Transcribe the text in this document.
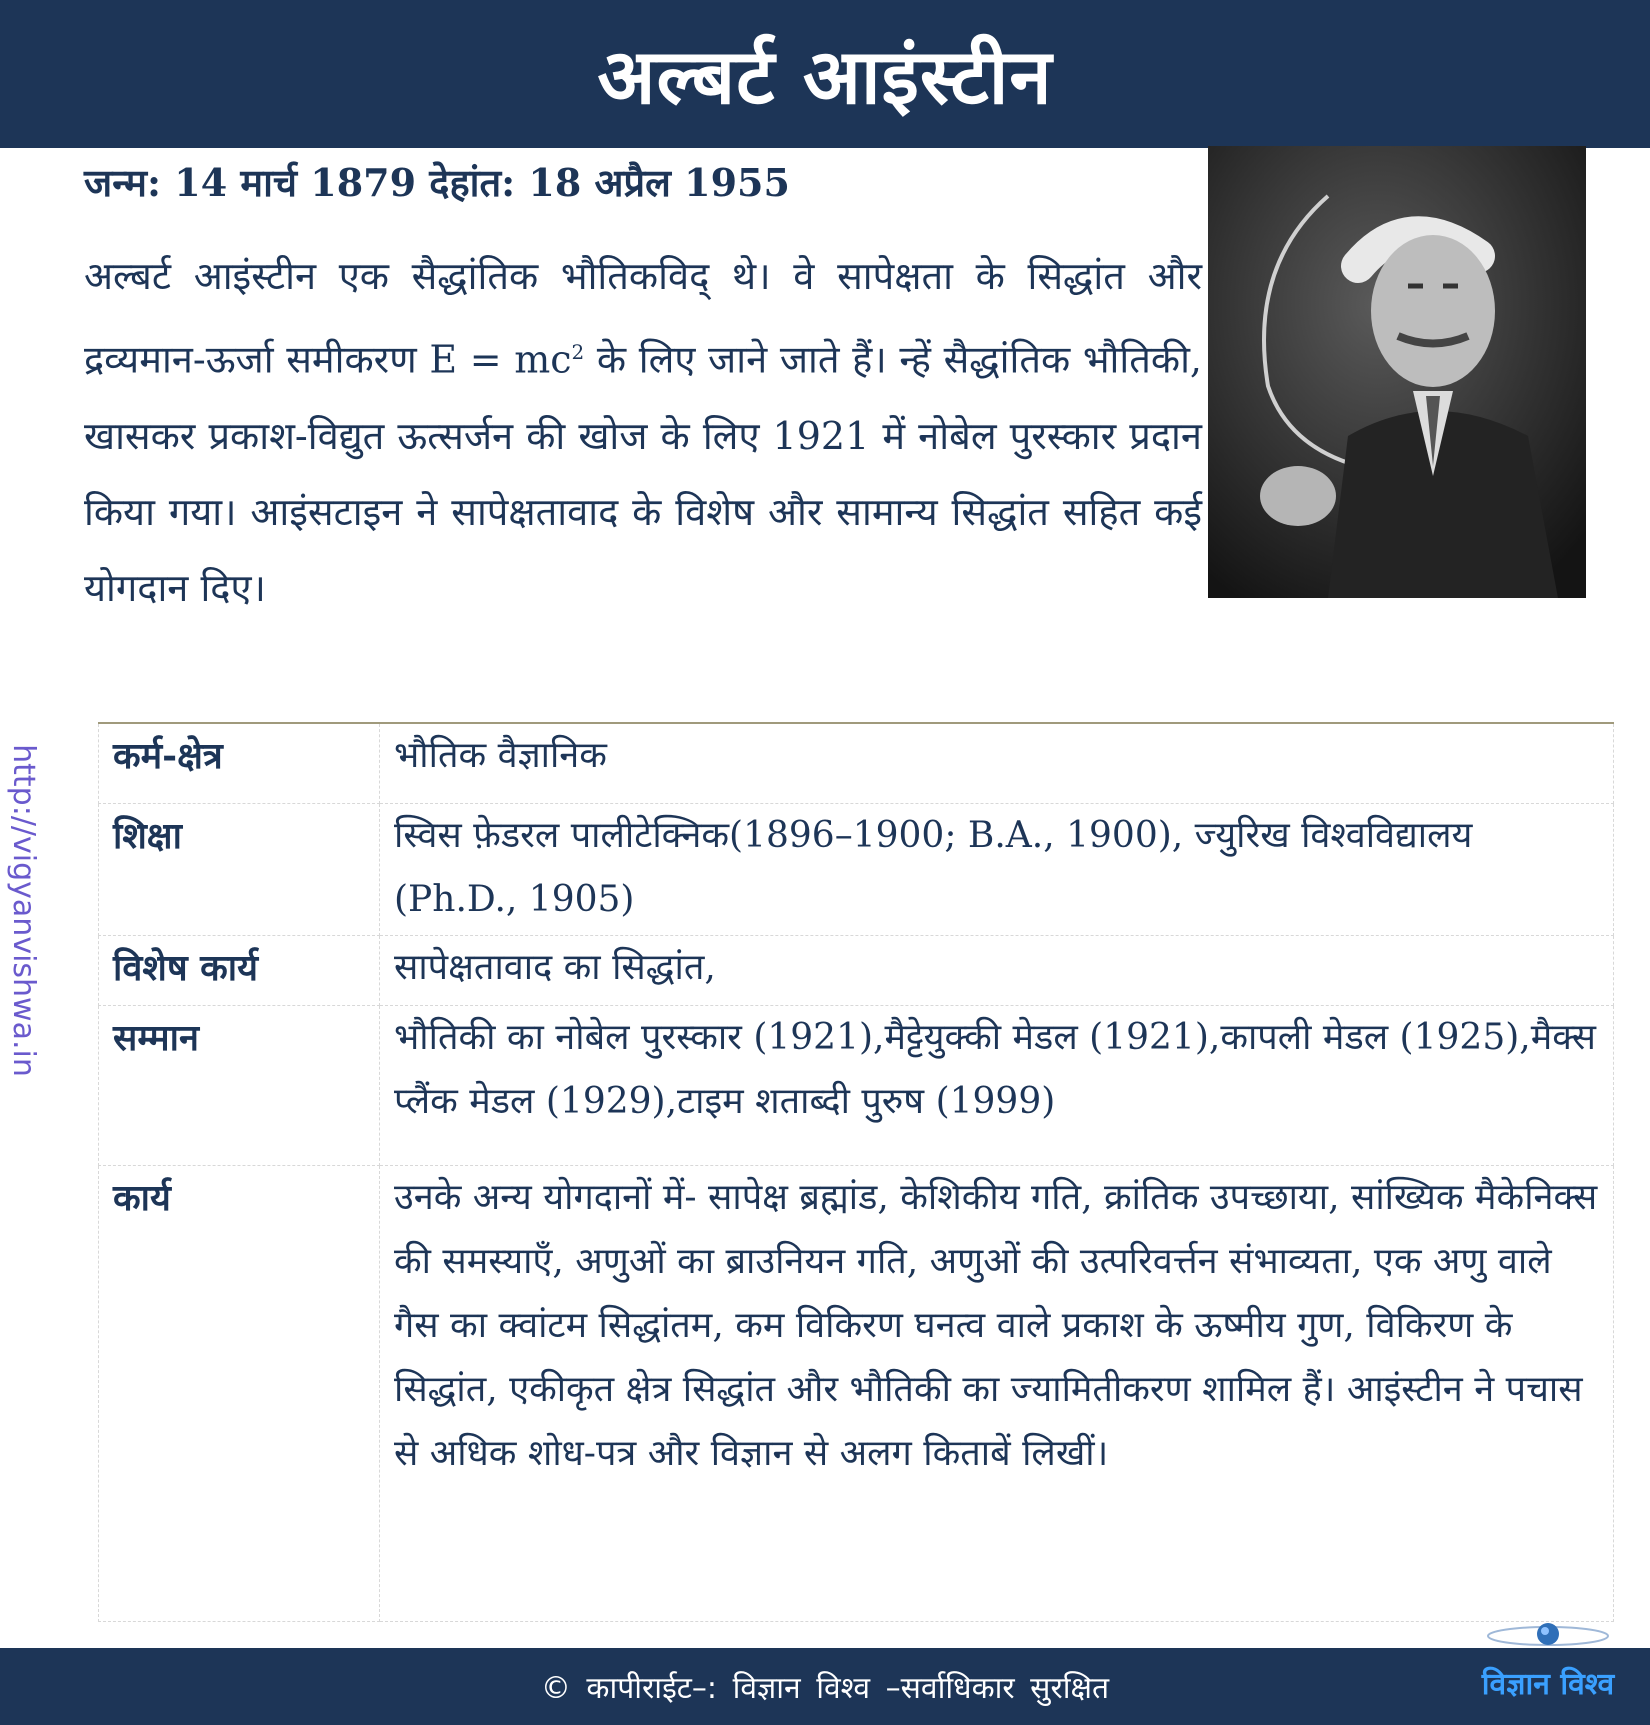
अल्बर्ट आइंस्टीन
जन्म: 14 मार्च 1879 देहांत: 18 अप्रैल 1955
अल्बर्ट आइंस्टीन एक सैद्धांतिक भौतिकविद् थे। वे सापेक्षता के सिद्धांत और द्रव्यमान-ऊर्जा समीकरण $E = mc^2$ के लिए जाने जाते हैं। न्हें सैद्धांतिक भौतिकी, खासकर प्रकाश-विद्युत ऊत्सर्जन की खोज के लिए 1921 में नोबेल पुरस्कार प्रदान किया गया। आइंसटाइन ने सापेक्षतावाद के विशेष और सामान्य सिद्धांत सहित कई योगदान दिए।
http://vigyanvishwa.in कर्म-क्षेत्र	भौतिक वैज्ञानिक
शिक्षा	स्विस फ़ेडरल पालीटेक्निक(1896–1900; B.A., 1900), ज्युरिख विश्वविद्यालय (Ph.D., 1905)
विशेष कार्य	सापेक्षतावाद का सिद्धांत,
सम्मान	भौतिकी का नोबेल पुरस्कार (1921),मैट्टेयुक्की मेडल (1921),कापली मेडल (1925),मैक्स प्लैंक मेडल (1929),टाइम शताब्दी पुरुष (1999)
कार्य	उनके अन्य योगदानों में- सापेक्ष ब्रह्मांड, केशिकीय गति, क्रांतिक उपच्छाया, सांख्यिक मैकेनिक्स की समस्याएँ, अणुओं का ब्राउनियन गति, अणुओं की उत्परिवर्त्तन संभाव्यता, एक अणु वाले गैस का क्वांटम सिद्धांतम, कम विकिरण घनत्व वाले प्रकाश के ऊष्मीय गुण, विकिरण के सिद्धांत, एकीकृत क्षेत्र सिद्धांत और भौतिकी का ज्यामितीकरण शामिल हैं। आइंस्टीन ने पचास से अधिक शोध-पत्र और विज्ञान से अलग किताबें लिखीं।
© कापीराईट–: विज्ञान विश्व –सर्वाधिकार सुरक्षित	विज्ञान विश्व
